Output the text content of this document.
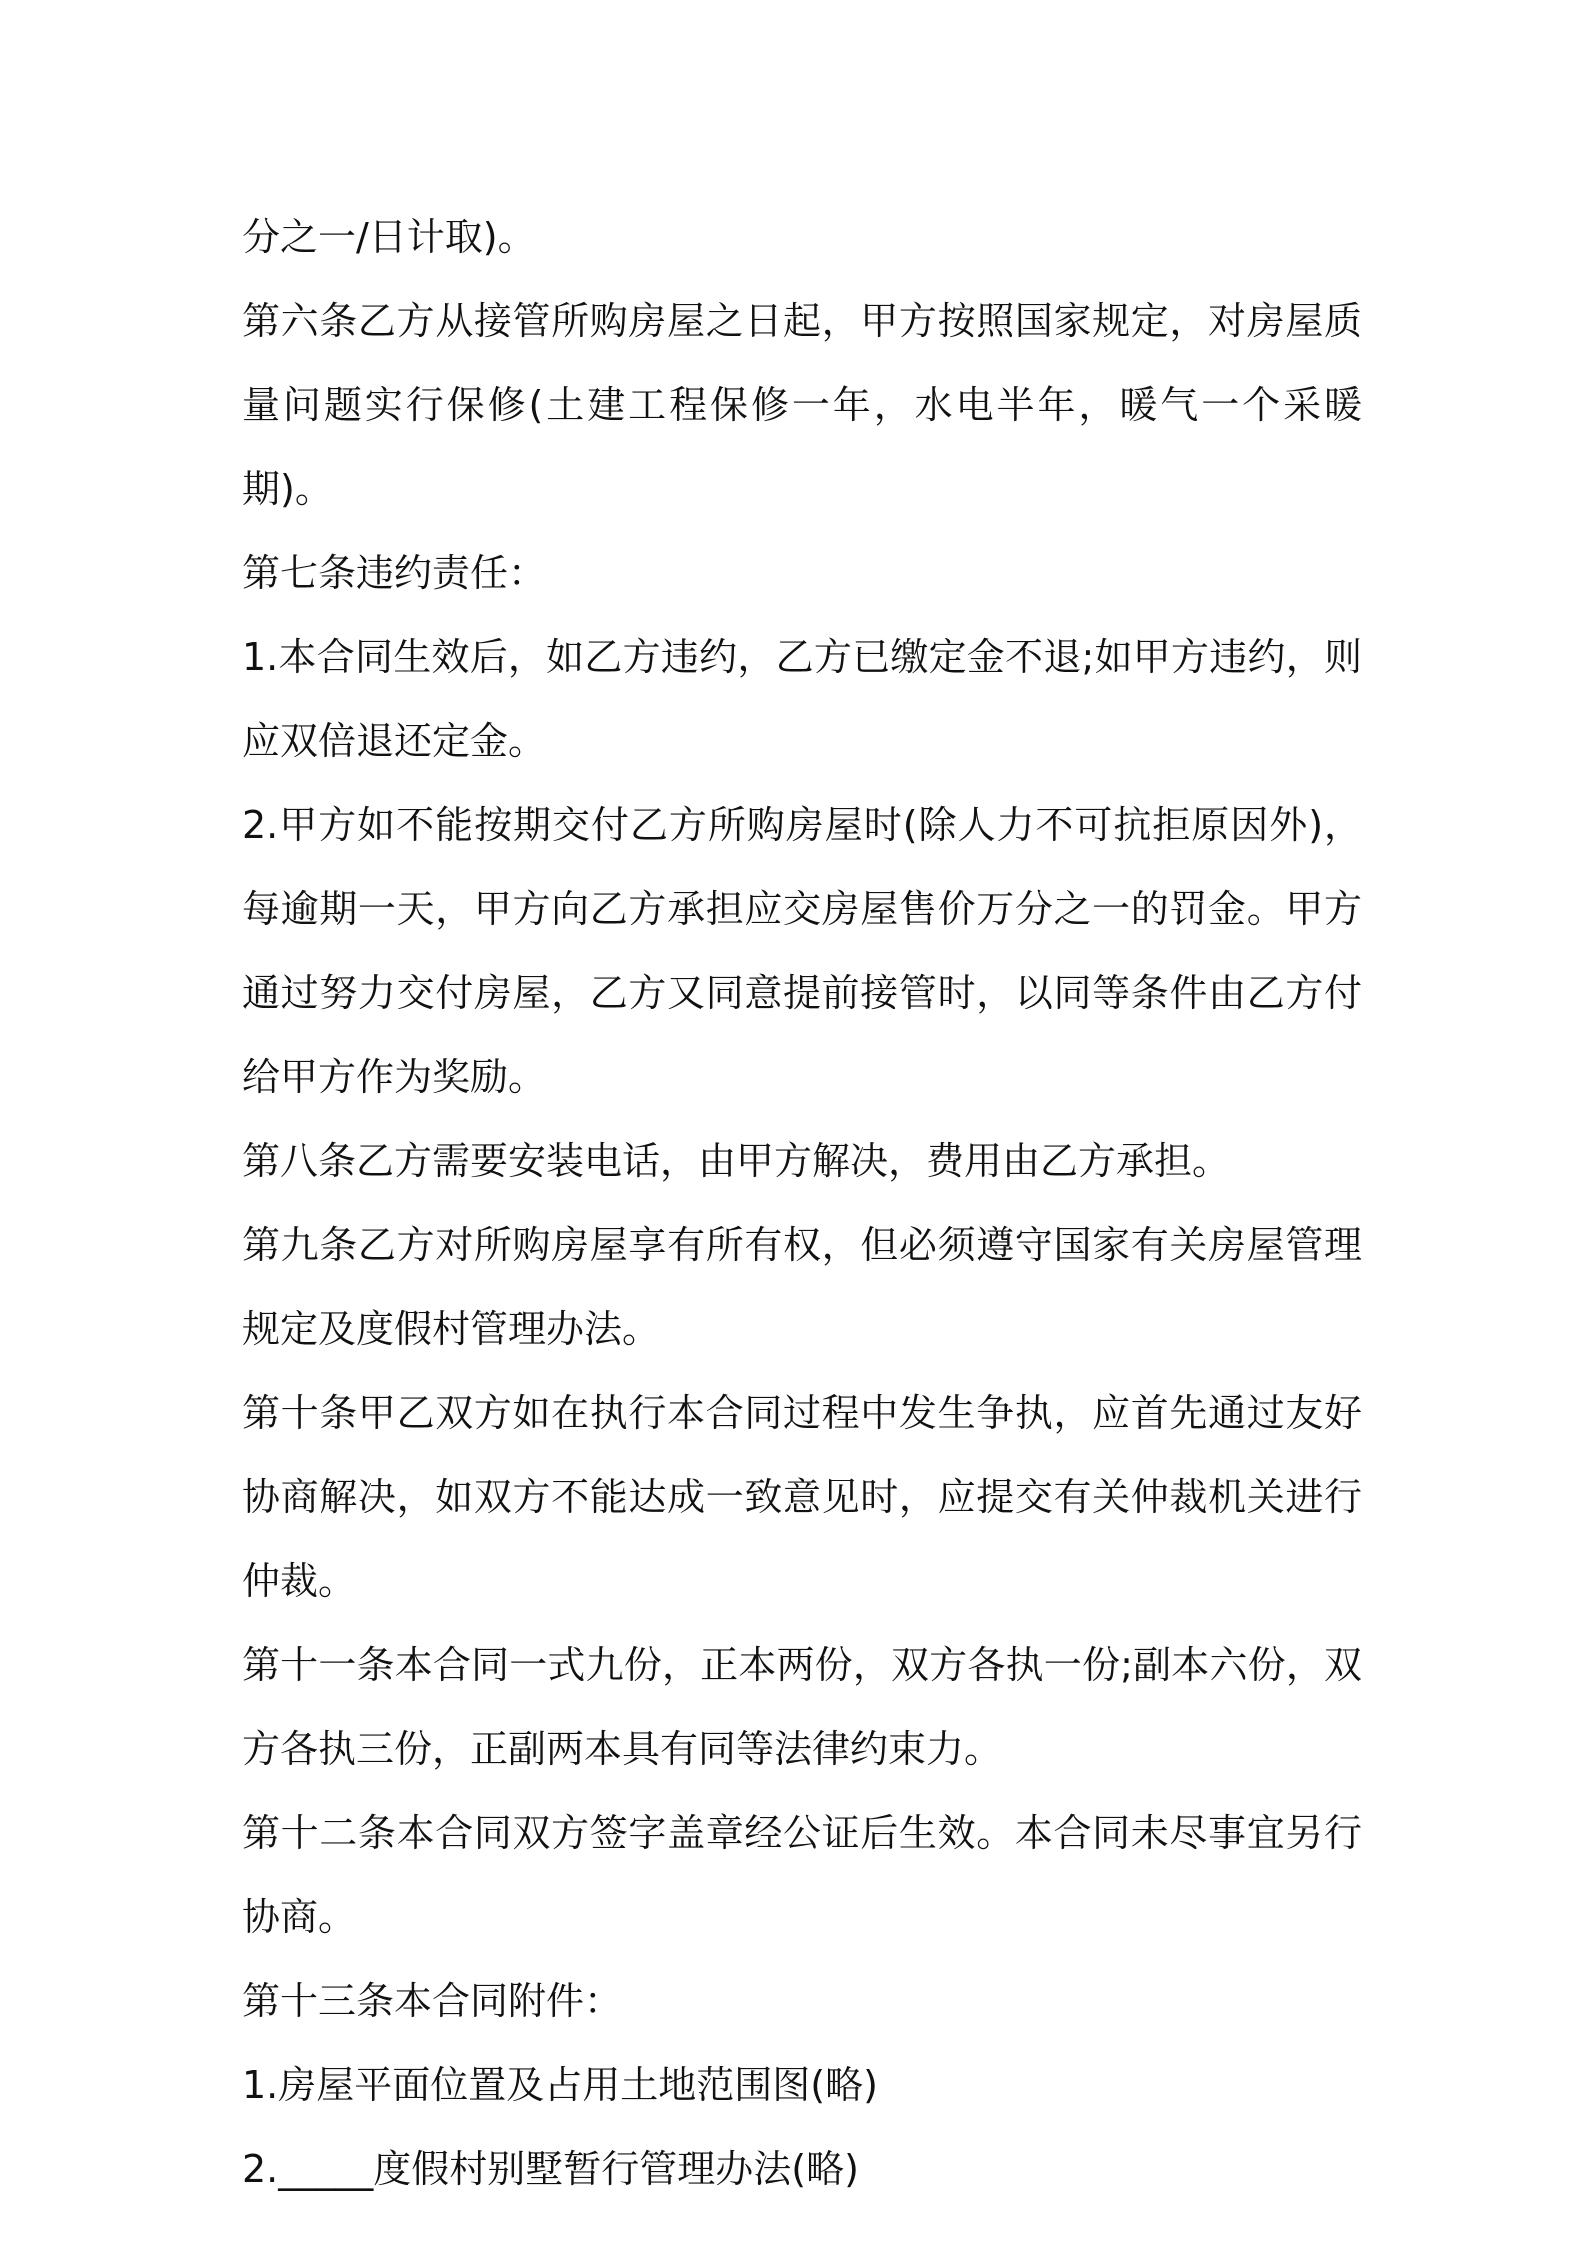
分之一/日计取)。

第六条乙方从接管所购房屋之日起，甲方按照国家规定，对房屋质量问题实行保修(土建工程保修一年，水电半年，暖气一个采暖期)。

第七条违约责任：

1.本合同生效后，如乙方违约，乙方已缴定金不退;如甲方违约，则应双倍退还定金。

2.甲方如不能按期交付乙方所购房屋时(除人力不可抗拒原因外)，每逾期一天，甲方向乙方承担应交房屋售价万分之一的罚金。甲方通过努力交付房屋，乙方又同意提前接管时，以同等条件由乙方付给甲方作为奖励。

第八条乙方需要安装电话，由甲方解决，费用由乙方承担。

第九条乙方对所购房屋享有所有权，但必须遵守国家有关房屋管理规定及度假村管理办法。

第十条甲乙双方如在执行本合同过程中发生争执，应首先通过友好协商解决，如双方不能达成一致意见时，应提交有关仲裁机关进行仲裁。

第十一条本合同一式九份，正本两份，双方各执一份;副本六份，双方各执三份，正副两本具有同等法律约束力。

第十二条本合同双方签字盖章经公证后生效。本合同未尽事宜另行协商。

第十三条本合同附件：

1.房屋平面位置及占用土地范围图(略)

2._____度假村别墅暂行管理办法(略)
